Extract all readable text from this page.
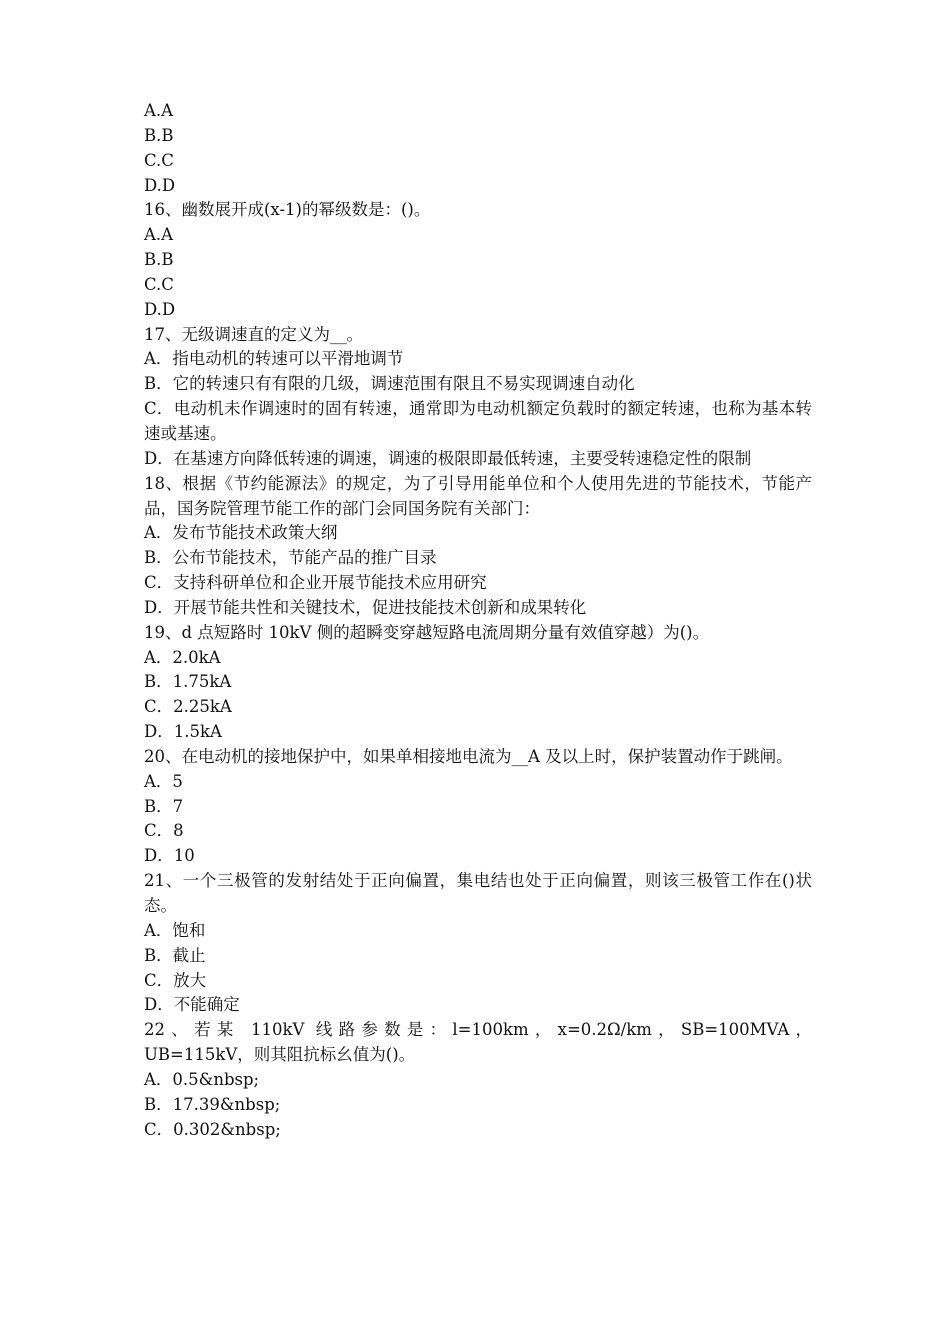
A.A
B.B
C.C
D.D
16、幽数展开成(x-1)的幂级数是：()。
A.A
B.B
C.C
D.D
17、无级调速直的定义为__。
A．指电动机的转速可以平滑地调节
B．它的转速只有有限的几级，调速范围有限且不易实现调速自动化
C．电动机未作调速时的固有转速，通常即为电动机额定负载时的额定转速，也称为基本转速或基速。
D．在基速方向降低转速的调速，调速的极限即最低转速，主要受转速稳定性的限制
18、根据《节约能源法》的规定，为了引导用能单位和个人使用先进的节能技术，节能产品，国务院管理节能工作的部门会同国务院有关部门：
A．发布节能技术政策大纲
B．公布节能技术，节能产品的推广目录
C．支持科研单位和企业开展节能技术应用研究
D．开展节能共性和关键技术，促进技能技术创新和成果转化
19、d 点短路时 10kV 侧的超瞬变穿越短路电流周期分量有效值穿越）为()。
A．2.0kA
B．1.75kA
C．2.25kA
D．1.5kA
20、在电动机的接地保护中，如果单相接地电流为__A 及以上时，保护装置动作于跳闸。
A．5
B．7
C．8
D．10
21、一个三极管的发射结处于正向偏置，集电结也处于正向偏置，则该三极管工作在()状态。
A．饱和
B．截止
C．放大
D．不能确定
22、若某 110kV 线路参数是：l=100km，x=0.2Ω/km，SB=100MVA，UB=115kV，则其阻抗标幺值为()。
A．0.5&nbsp;
B．17.39&nbsp;
C．0.302&nbsp;
